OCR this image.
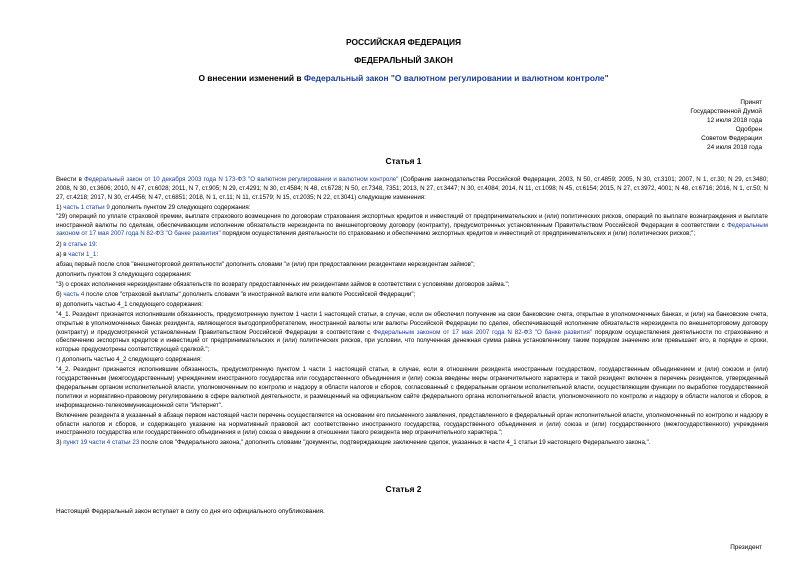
РОССИЙСКАЯ ФЕДЕРАЦИЯ
ФЕДЕРАЛЬНЫЙ ЗАКОН
О внесении изменений в Федеральный закон "О валютном регулировании и валютном контроле"
Принят
Государственной Думой
12 июля 2018 года
Одобрен
Советом Федерации
24 июля 2018 года
Статья 1
Внести в Федеральный закон от 10 декабря 2003 года N 173-ФЗ "О валютном регулировании и валютном контроле" (Собрание законодательства Российской Федерации, 2003, N 50, ст.4859; 2005, N 30, ст.3101; 2007, N 1, ст.30; N 29, ст.3480; 2008, N 30, ст.3606; 2010, N 47, ст.6028; 2011, N 7, ст.905; N 29, ст.4291; N 30, ст.4584; N 48, ст.6728; N 50, ст.7348, 7351; 2013, N 27, ст.3447; N 30, ст.4084; 2014, N 11, ст.1098; N 45, ст.6154; 2015, N 27, ст.3972, 4001; N 48, ст.6716; 2016, N 1, ст.50; N 27, ст.4218; 2017, N 30, ст.4456; N 47, ст.6851; 2018, N 1, ст.11; N 11, ст.1579; N 15, ст.2035; N 22, ст.3041) следующие изменения:
1) часть 1 статьи 9 дополнить пунктом 29 следующего содержания:
"29) операций по уплате страховой премии, выплате страхового возмещения по договорам страхования экспортных кредитов и инвестиций от предпринимательских и (или) политических рисков, операций по выплате вознаграждения и выплате иностранной валюты по сделкам, обеспечивающим исполнение обязательств нерезидента по внешнеторговому договору (контракту), предусмотренных установленным Правительством Российской Федерации в соответствии с Федеральным законом от 17 мая 2007 года N 82-ФЗ "О банке развития" порядком осуществления деятельности по страхованию и обеспечению экспортных кредитов и инвестиций от предпринимательских и (или) политических рисков;";
2) в статье 19:
а) в части 1_1:
абзац первый после слов "внешнеторговой деятельности" дополнить словами "и (или) при предоставлении резидентами нерезидентам займов";
дополнить пунктом 3 следующего содержания:
"3) о сроках исполнения нерезидентами обязательств по возврату предоставленных им резидентами займов в соответствии с условиями договоров займа.";
б) часть 4 после слов "страховой выплаты" дополнить словами "в иностранной валюте или валюте Российской Федерации";
в) дополнить частью 4_1 следующего содержания:
"4_1. Резидент признается исполнившим обязанность, предусмотренную пунктом 1 части 1 настоящей статьи, в случае, если он обеспечил получение на свои банковские счета, открытые в уполномоченных банках, и (или) на банковские счета, открытые в уполномоченных банках резидента, являющегося выгодоприобретателем, иностранной валюты или валюты Российской Федерации по сделке, обеспечивающей исполнение обязательств нерезидента по внешнеторговому договору (контракту) и предусмотренной установленным Правительством Российской Федерации в соответствии с Федеральным законом от 17 мая 2007 года N 82-ФЗ "О банке развития" порядком осуществления деятельности по страхованию и обеспечению экспортных кредитов и инвестиций от предпринимательских и (или) политических рисков, при условии, что полученная денежная сумма равна установленному таким порядком значению или превышает его, в порядке и сроки, которые предусмотрены соответствующей сделкой.";
г) дополнить частью 4_2 следующего содержания:
"4_2. Резидент признается исполнившим обязанность, предусмотренную пунктом 1 части 1 настоящей статьи, в случае, если в отношении резидента иностранным государством, государственным объединением и (или) союзом и (или) государственным (межгосударственным) учреждением иностранного государства или государственного объединения и (или) союза введены меры ограничительного характера и такой резидент включен в перечень резидентов, утвержденный федеральным органом исполнительной власти, уполномоченным по контролю и надзору в области налогов и сборов, согласованный с федеральным органом исполнительной власти, осуществляющим функции по выработке государственной политики и нормативно-правовому регулированию в сфере валютной деятельности, и размещенный на официальном сайте федерального органа исполнительной власти, уполномоченного по контролю и надзору в области налогов и сборов, в информационно-телекоммуникационной сети "Интернет".
Включение резидента в указанный в абзаце первом настоящей части перечень осуществляется на основании его письменного заявления, представленного в федеральный орган исполнительной власти, уполномоченный по контролю и надзору в области налогов и сборов, и содержащего указание на нормативный правовой акт соответственно иностранного государства, государственного объединения и (или) союза и (или) государственного (межгосударственного) учреждения иностранного государства или государственного объединения и (или) союза о введении в отношении такого резидента мер ограничительного характера.";
3) пункт 19 части 4 статьи 23 после слов "Федерального закона," дополнить словами "документы, подтверждающие заключение сделок, указанных в части 4_1 статьи 19 настоящего Федерального закона,".
Статья 2
Настоящий Федеральный закон вступает в силу со дня его официального опубликования.
Президент
